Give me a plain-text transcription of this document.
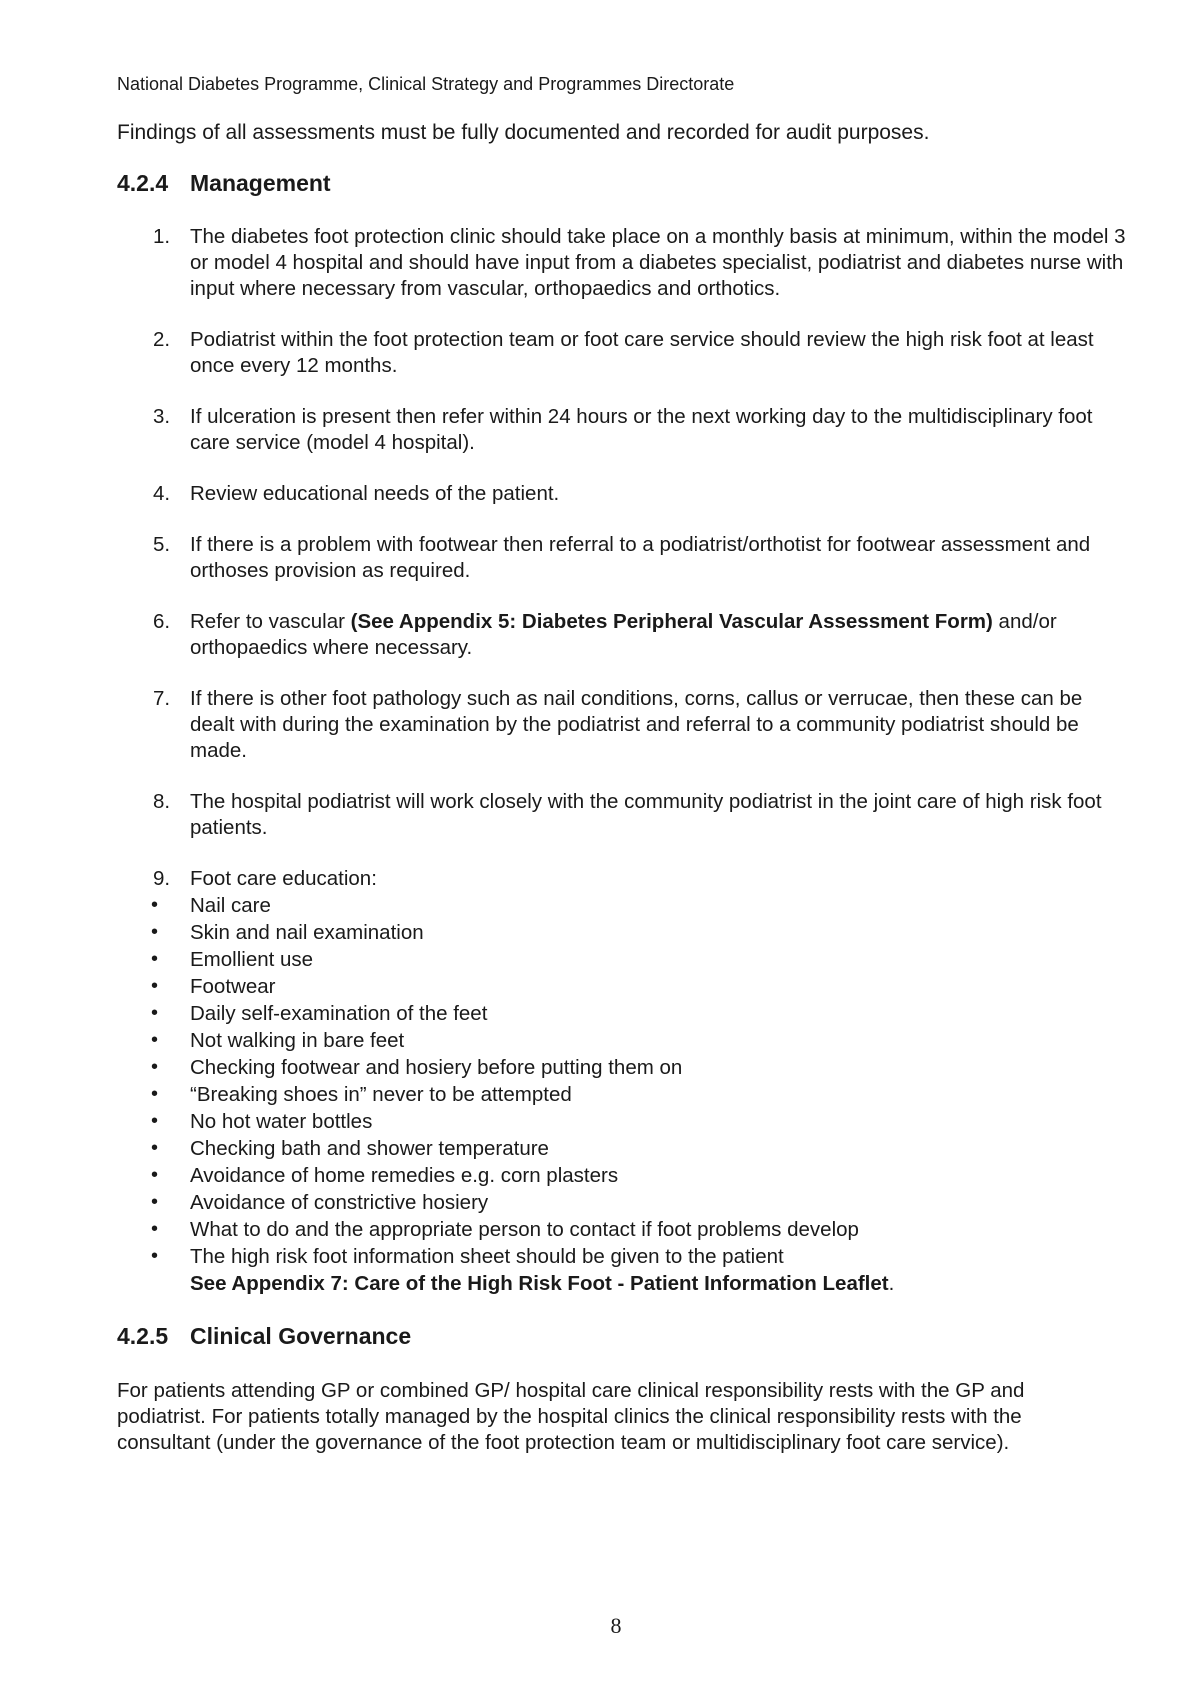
National Diabetes Programme, Clinical Strategy and Programmes Directorate

Findings of all assessments must be fully documented and recorded for audit purposes.

4.2.4 Management
1. The diabetes foot protection clinic should take place on a monthly basis at minimum, within the model 3 or model 4 hospital and should have input from a diabetes specialist, podiatrist and diabetes nurse with input where necessary from vascular, orthopaedics and orthotics.
2. Podiatrist within the foot protection team or foot care service should review the high risk foot at least once every 12 months.
3. If ulceration is present then refer within 24 hours or the next working day to the multidisciplinary foot care service (model 4 hospital).
4. Review educational needs of the patient.
5. If there is a problem with footwear then referral to a podiatrist/orthotist for footwear assessment and orthoses provision as required.
6. Refer to vascular (See Appendix 5: Diabetes Peripheral Vascular Assessment Form) and/or orthopaedics where necessary.
7. If there is other foot pathology such as nail conditions, corns, callus or verrucae, then these can be dealt with during the examination by the podiatrist and referral to a community podiatrist should be made.
8. The hospital podiatrist will work closely with the community podiatrist in the joint care of high risk foot patients.
9. Foot care education:
• Nail care
• Skin and nail examination
• Emollient use
• Footwear
• Daily self-examination of the feet
• Not walking in bare feet
• Checking footwear and hosiery before putting them on
• “Breaking shoes in” never to be attempted
• No hot water bottles
• Checking bath and shower temperature
• Avoidance of home remedies e.g. corn plasters
• Avoidance of constrictive hosiery
• What to do and the appropriate person to contact if foot problems develop
• The high risk foot information sheet should be given to the patient
See Appendix 7: Care of the High Risk Foot - Patient Information Leaflet.
4.2.5 Clinical Governance

For patients attending GP or combined GP/ hospital care clinical responsibility rests with the GP and podiatrist. For patients totally managed by the hospital clinics the clinical responsibility rests with the consultant (under the governance of the foot protection team or multidisciplinary foot care service).

8
